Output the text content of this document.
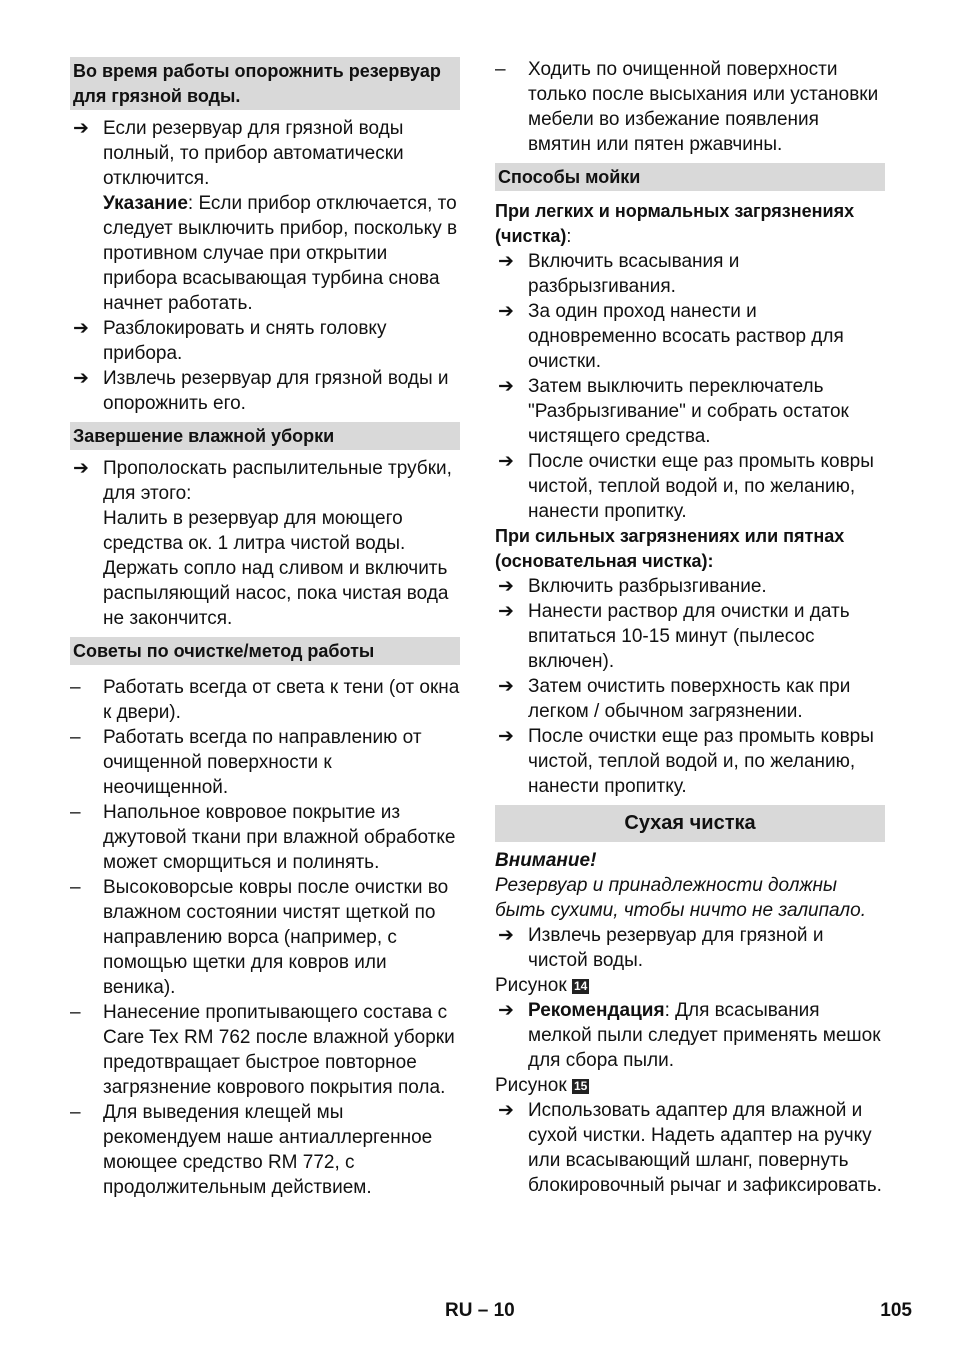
Во время работы опорожнить резервуар для грязной воды.
➔ Если резервуар для грязной воды полный, то прибор автоматически отключится.

Указание: Если прибор отключается, то следует выключить прибор, поскольку в противном случае при открытии прибора всасывающая турбина снова начнет работать.

➔ Разблокировать и снять головку прибора.

➔ Извлечь резервуар для грязной воды и опорожнить его.

Завершение влажной уборки
➔ Прополоскать распылительные трубки, для этого:

Налить в резервуар для моющего средства ок. 1 литра чистой воды. Держать сопло над сливом и включить распыляющий насос, пока чистая вода не закончится.

Советы по очистке/метод работы
–	Работать всегда от света к тени (от окна к двери).

–	Работать всегда по направлению от очищенной поверхности к неочищенной.

–	Напольное ковровое покрытие из джутовой ткани при влажной обработке может сморщиться и полинять.

–	Высоковорсые ковры после очистки во влажном состоянии чистят щеткой по направлению ворса (например, с помощью щетки для ковров или веника).

–	Нанесение пропитывающего состава с Care Tex RM 762 после влажной уборки предотвращает быстрое повторное загрязнение коврового покрытия пола.

–	Для выведения клещей мы рекомендуем наше антиаллергенное моющее средство RM 772, с продолжительным действием.

–	Ходить по очищенной поверхности только после высыхания или установки мебели во избежание появления вмятин или пятен ржавчины.

Способы мойки

При легких и нормальных загрязнениях (чистка):

➔ Включить всасывания и разбрызгивания.

➔ За один проход нанести и одновременно всосать раствор для очистки.

➔ Затем выключить переключатель "Разбрызгивание" и собрать остаток чистящего средства.

➔ После очистки еще раз промыть ковры чистой, теплой водой и, по желанию, нанести пропитку.

При сильных загрязнениях или пятнах (основательная чистка):

➔ Включить разбрызгивание.

➔ Нанести раствор для очистки и дать впитаться 10-15 минут (пылесос включен).

➔ Затем очистить поверхность как при легком / обычном загрязнении.

➔ После очистки еще раз промыть ковры чистой, теплой водой и, по желанию, нанести пропитку.

Сухая чистка

Внимание!

Резервуар и принадлежности должны быть сухими, чтобы ничто не залипало.

➔ Извлечь резервуар для грязной и чистой воды.

Рисунок 14

➔ Рекомендация: Для всасывания мелкой пыли следует применять мешок для сбора пыли.

Рисунок 15

➔ Использовать адаптер для влажной и сухой чистки. Надеть адаптер на ручку или всасывающий шланг, повернуть блокировочный рычаг и зафиксировать.

RU – 10	105
